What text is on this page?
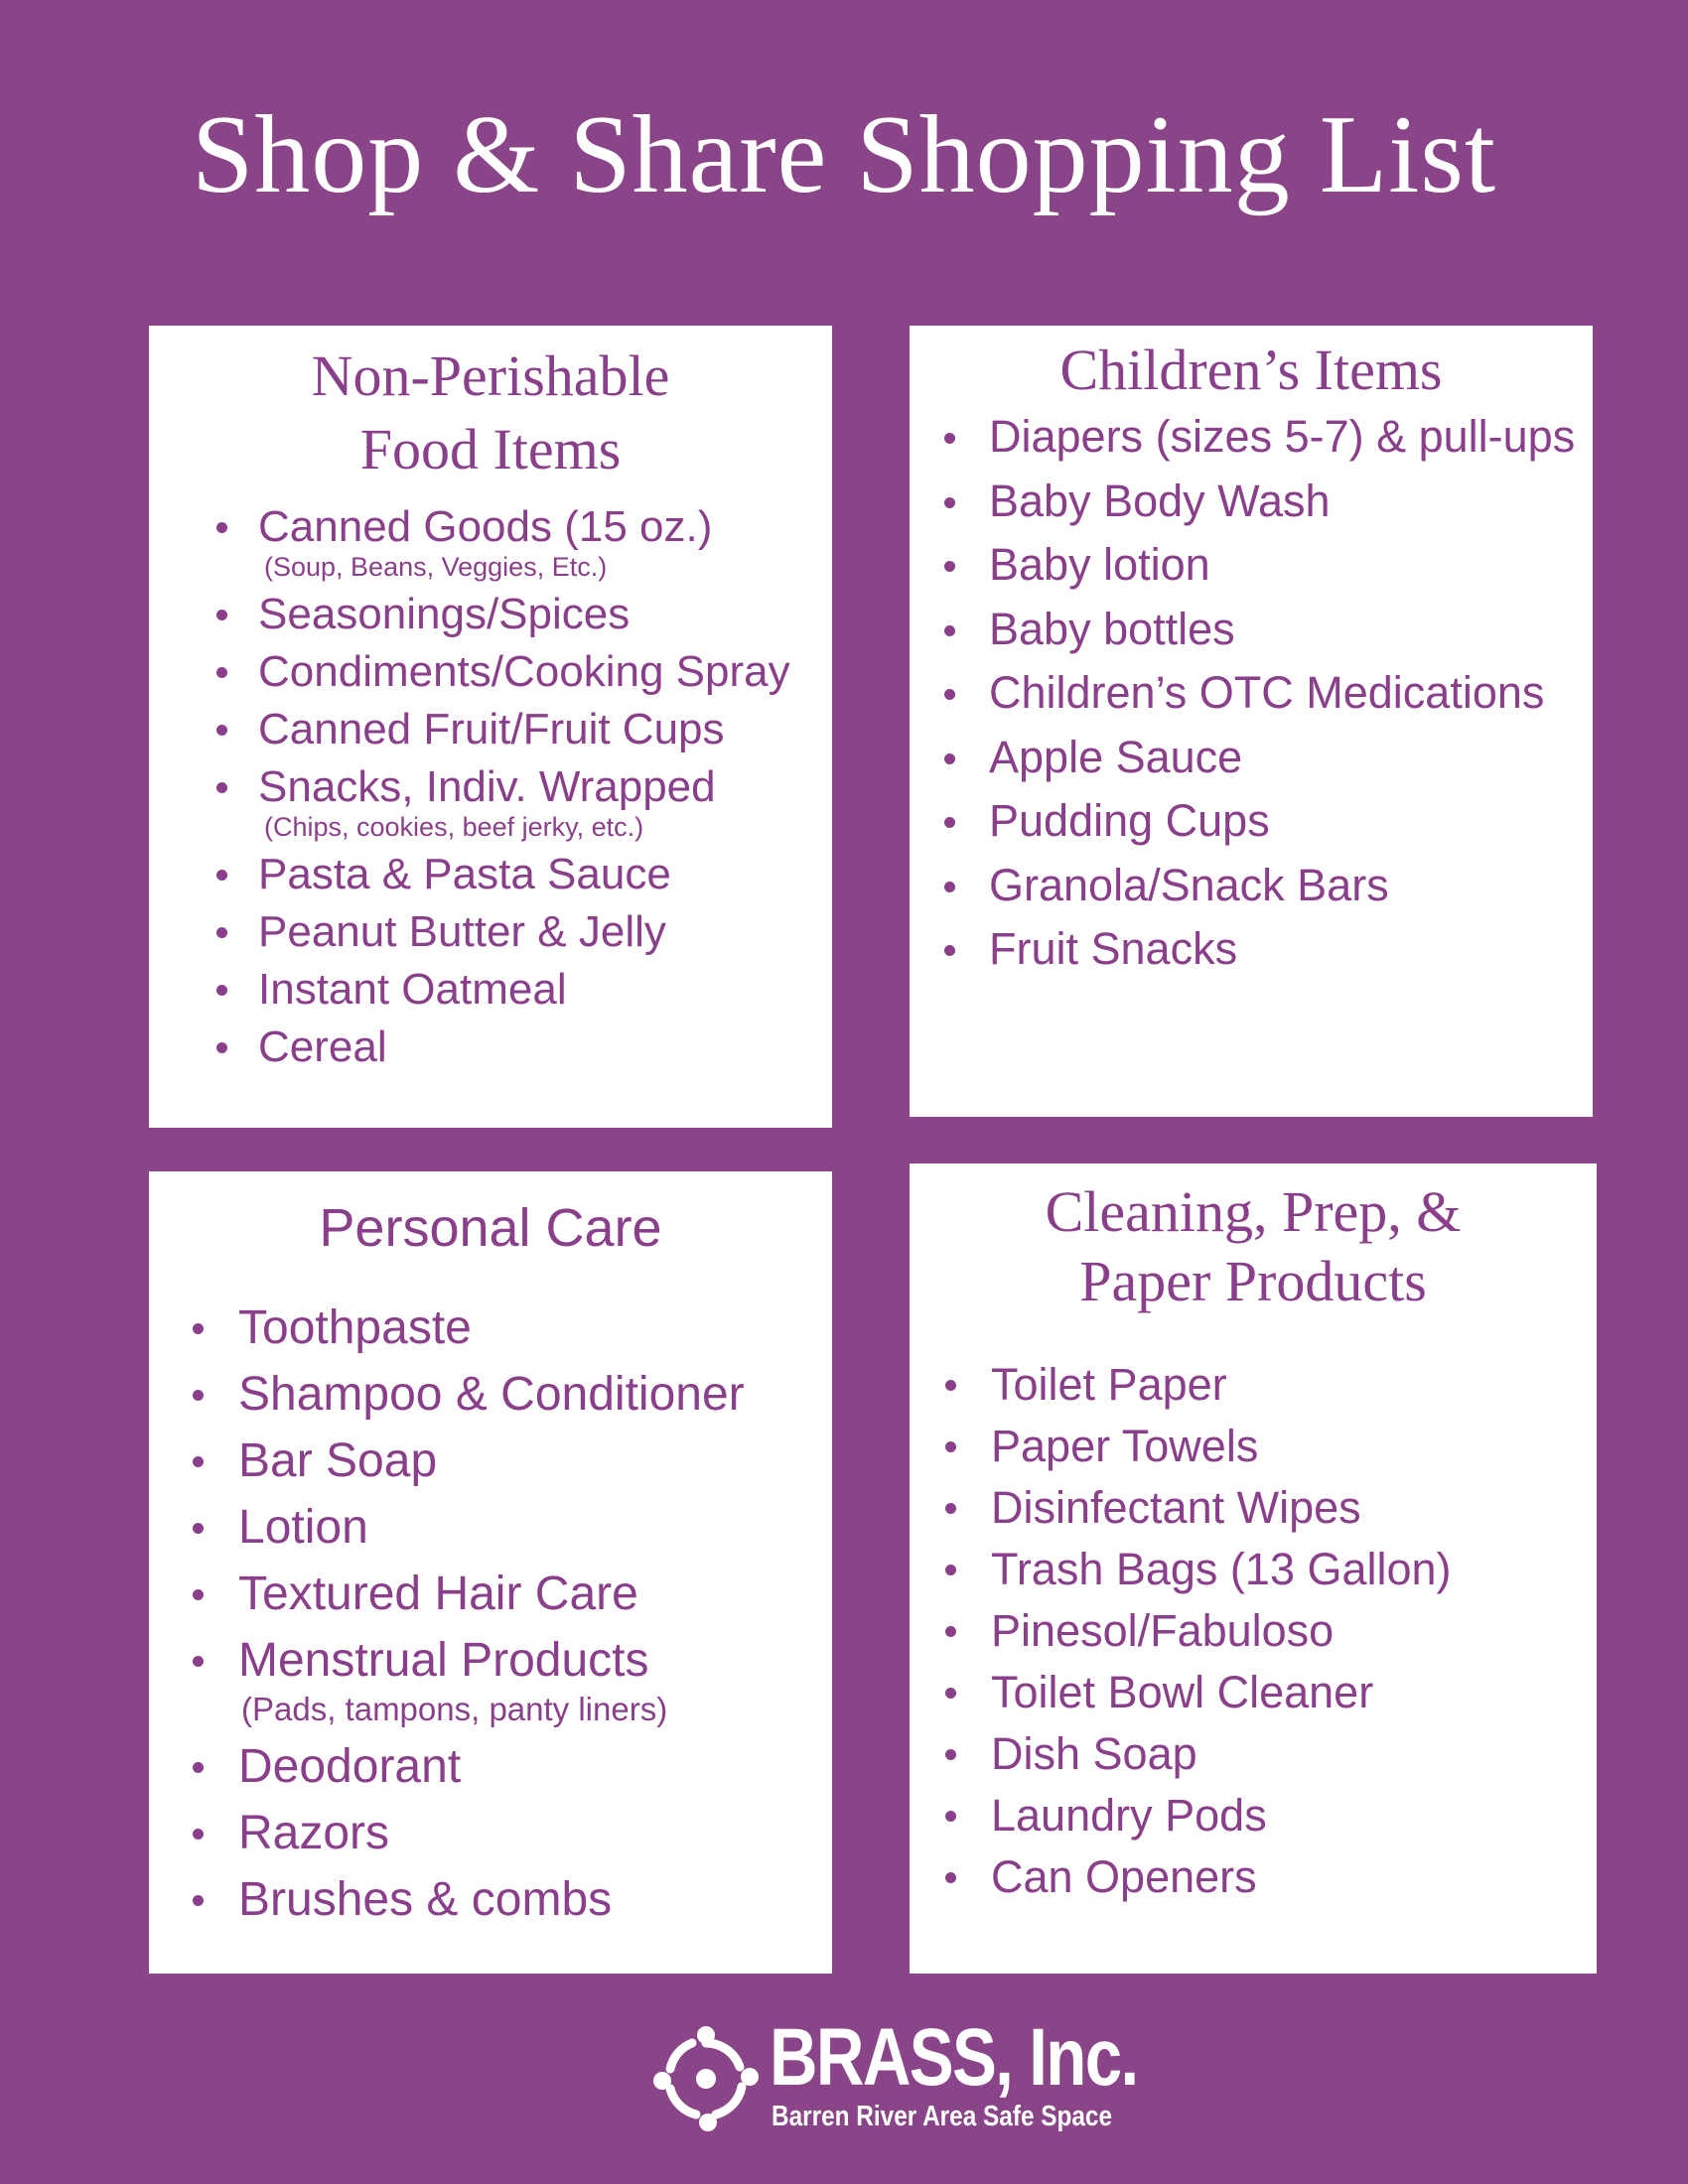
Shop & Share Shopping List
Non-Perishable
Food Items
Canned Goods (15 oz.)
(Soup, Beans, Veggies, Etc.)
Seasonings/Spices
Condiments/Cooking Spray
Canned Fruit/Fruit Cups
Snacks, Indiv. Wrapped
(Chips, cookies, beef jerky, etc.)
Pasta & Pasta Sauce
Peanut Butter & Jelly
Instant Oatmeal
Cereal
Children’s Items
Diapers (sizes 5-7) & pull-ups
Baby Body Wash
Baby lotion
Baby bottles
Children’s OTC Medications
Apple Sauce
Pudding Cups
Granola/Snack Bars
Fruit Snacks
Personal Care
Toothpaste
Shampoo & Conditioner
Bar Soap
Lotion
Textured Hair Care
Menstrual Products
(Pads, tampons, panty liners)
Deodorant
Razors
Brushes & combs
Cleaning, Prep, &
Paper Products
Toilet Paper
Paper Towels
Disinfectant Wipes
Trash Bags (13 Gallon)
Pinesol/Fabuloso
Toilet Bowl Cleaner
Dish Soap
Laundry Pods
Can Openers
BRASS, Inc.
Barren River Area Safe Space
